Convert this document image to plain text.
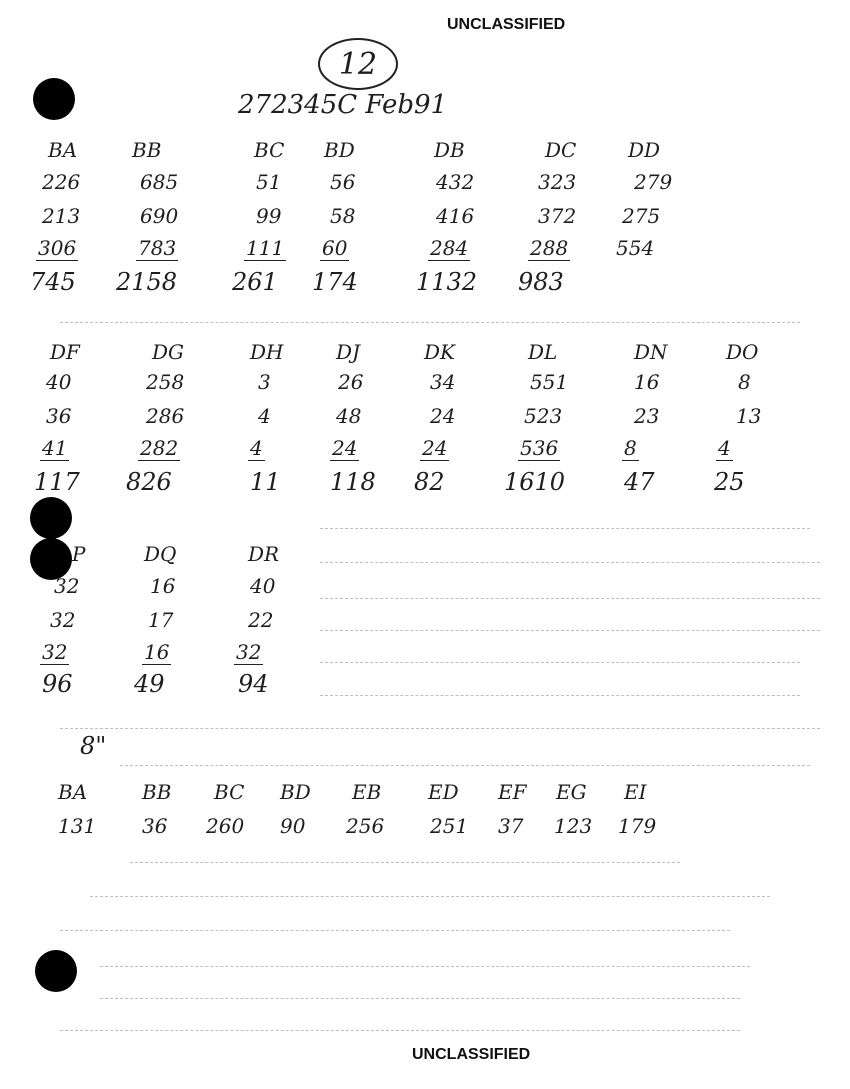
UNCLASSIFIED
UNCLASSIFIED
12
272345C Feb91
BA	BB	BC BD	DB	DC	DD
226	685	51 56	432	323	279
213	690	99 58	416	372 275
306	783	111 60	284	288 554
745 2158 261 174 1132 983
DF	DG	DH	DJ	DK	DL	DN	DO
40	258	3	26	34	551	16	8
36	286	4	48	24	523	23	13
41	282	4	24	24	536	8	4
117 826	11 118 82 1610 47 25
P	DQ	DR
32	16	40
32	17	22
32	16	32
96	49	94
8"
BA	BB BC BD EB ED EF EG EI
131 36 260 90 256 251 37 123 179
